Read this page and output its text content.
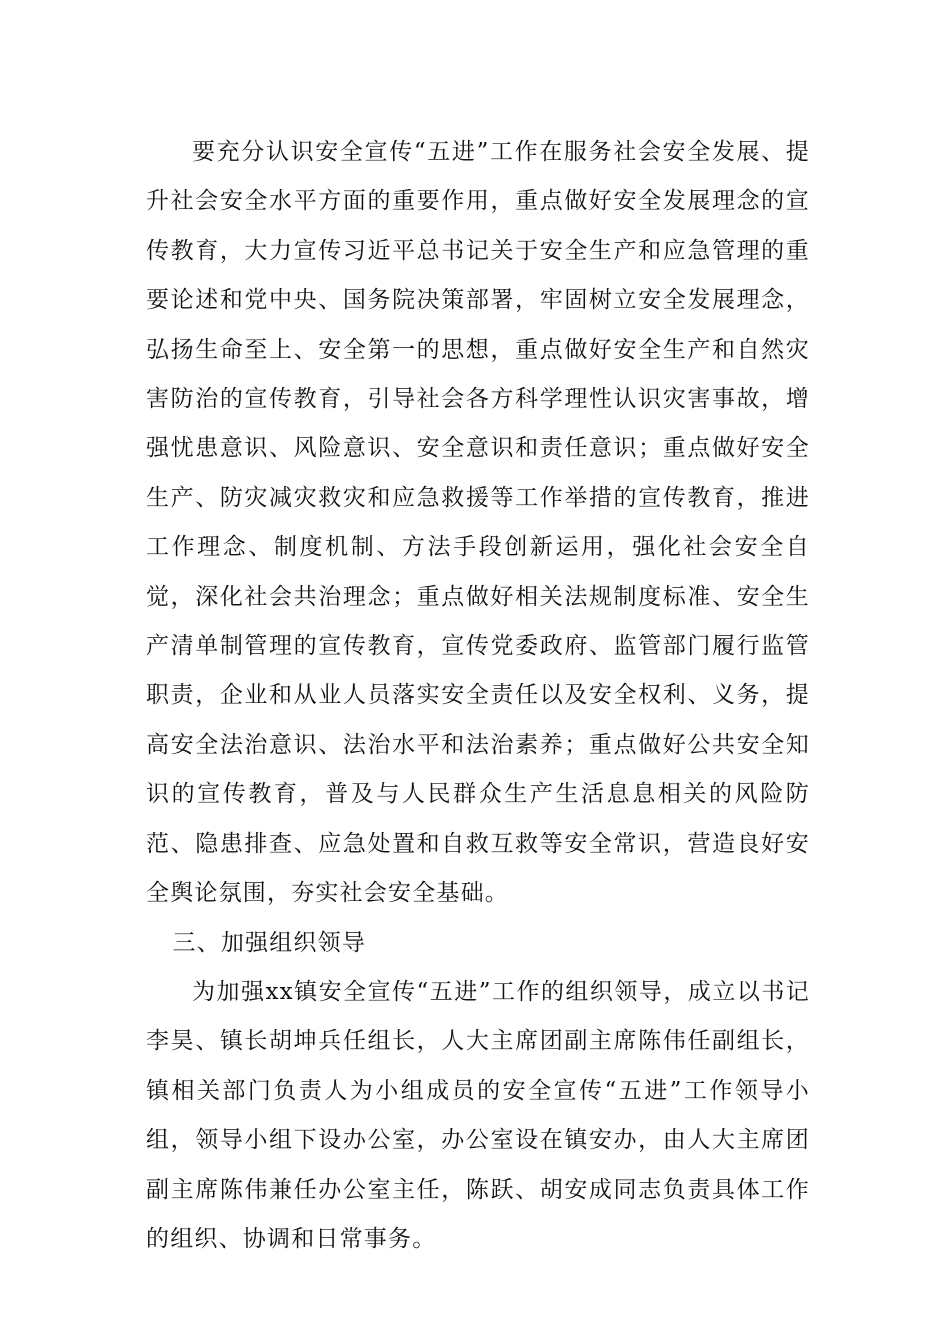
要充分认识安全宣传“五进”工作在服务社会安全发展、提升社会安全水平方面的重要作用，重点做好安全发展理念的宣传教育，大力宣传习近平总书记关于安全生产和应急管理的重要论述和党中央、国务院决策部署，牢固树立安全发展理念，弘扬生命至上、安全第一的思想，重点做好安全生产和自然灾害防治的宣传教育，引导社会各方科学理性认识灾害事故，增强忧患意识、风险意识、安全意识和责任意识；重点做好安全生产、防灾减灾救灾和应急救援等工作举措的宣传教育，推进工作理念、制度机制、方法手段创新运用，强化社会安全自觉，深化社会共治理念；重点做好相关法规制度标准、安全生产清单制管理的宣传教育，宣传党委政府、监管部门履行监管职责，企业和从业人员落实安全责任以及安全权利、义务，提高安全法治意识、法治水平和法治素养；重点做好公共安全知识的宣传教育，普及与人民群众生产生活息息相关的风险防范、隐患排查、应急处置和自救互救等安全常识，营造良好安全舆论氛围，夯实社会安全基础。

三、加强组织领导

为加强xx镇安全宣传“五进”工作的组织领导，成立以书记李昊、镇长胡坤兵任组长，人大主席团副主席陈伟任副组长，镇相关部门负责人为小组成员的安全宣传“五进”工作领导小组，领导小组下设办公室，办公室设在镇安办，由人大主席团副主席陈伟兼任办公室主任，陈跃、胡安成同志负责具体工作的组织、协调和日常事务。
